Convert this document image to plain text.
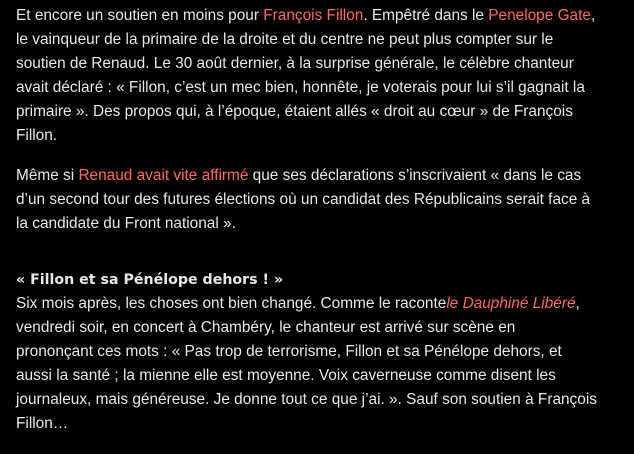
Et encore un soutien en moins pour François Fillon. Empêtré dans le Penelope Gate,
le vainqueur de la primaire de la droite et du centre ne peut plus compter sur le
soutien de Renaud. Le 30 août dernier, à la surprise générale, le célèbre chanteur
avait déclaré : « Fillon, c’est un mec bien, honnête, je voterais pour lui s’il gagnait la
primaire ». Des propos qui, à l’époque, étaient allés « droit au cœur » de François
Fillon.

Même si Renaud avait vite affirmé que ses déclarations s’inscrivaient « dans le cas
d’un second tour des futures élections où un candidat des Républicains serait face à
la candidate du Front national ».

« Fillon et sa Pénélope dehors ! »

Six mois après, les choses ont bien changé. Comme le racontele Dauphiné Libéré,
vendredi soir, en concert à Chambéry, le chanteur est arrivé sur scène en
prononçant ces mots : « Pas trop de terrorisme, Fillon et sa Pénélope dehors, et
aussi la santé ; la mienne elle est moyenne. Voix caverneuse comme disent les
journaleux, mais généreuse. Je donne tout ce que j’ai. ». Sauf son soutien à François
Fillon…
